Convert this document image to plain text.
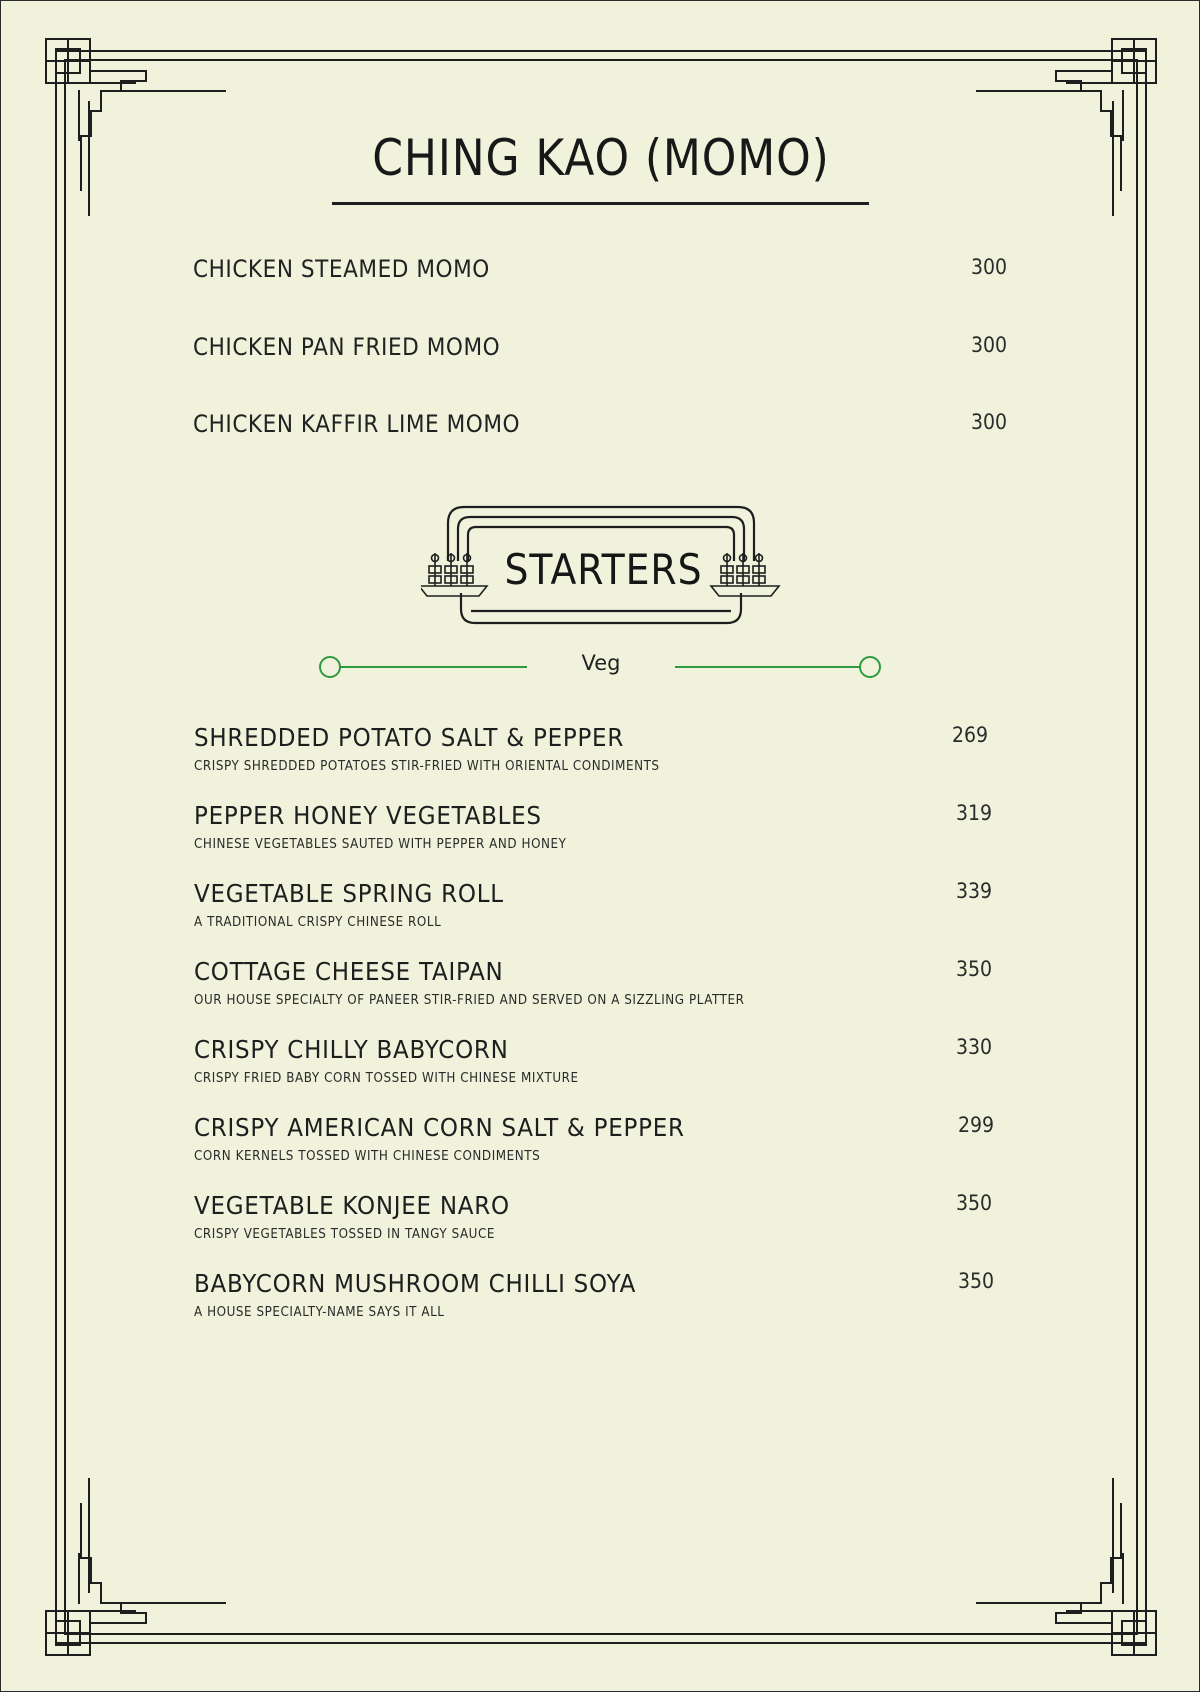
CHING KAO (MOMO)
CHICKEN STEAMED MOMO	300
CHICKEN PAN FRIED MOMO	300
CHICKEN KAFFIR LIME MOMO	300
STARTERS
Veg
SHREDDED POTATO SALT & PEPPER
CRISPY SHREDDED POTATOES STIR-FRIED WITH ORIENTAL CONDIMENTS
269
PEPPER HONEY VEGETABLES
CHINESE VEGETABLES SAUTED WITH PEPPER AND HONEY
319
VEGETABLE SPRING ROLL
A TRADITIONAL CRISPY CHINESE ROLL
339
COTTAGE CHEESE TAIPAN
OUR HOUSE SPECIALTY OF PANEER STIR-FRIED AND SERVED ON A SIZZLING PLATTER
350
CRISPY CHILLY BABYCORN
CRISPY FRIED BABY CORN TOSSED WITH CHINESE MIXTURE
330
CRISPY AMERICAN CORN SALT & PEPPER
CORN KERNELS TOSSED WITH CHINESE CONDIMENTS
299
VEGETABLE KONJEE NARO
CRISPY VEGETABLES TOSSED IN TANGY SAUCE
350
BABYCORN MUSHROOM CHILLI SOYA
A HOUSE SPECIALTY-NAME SAYS IT ALL
350
